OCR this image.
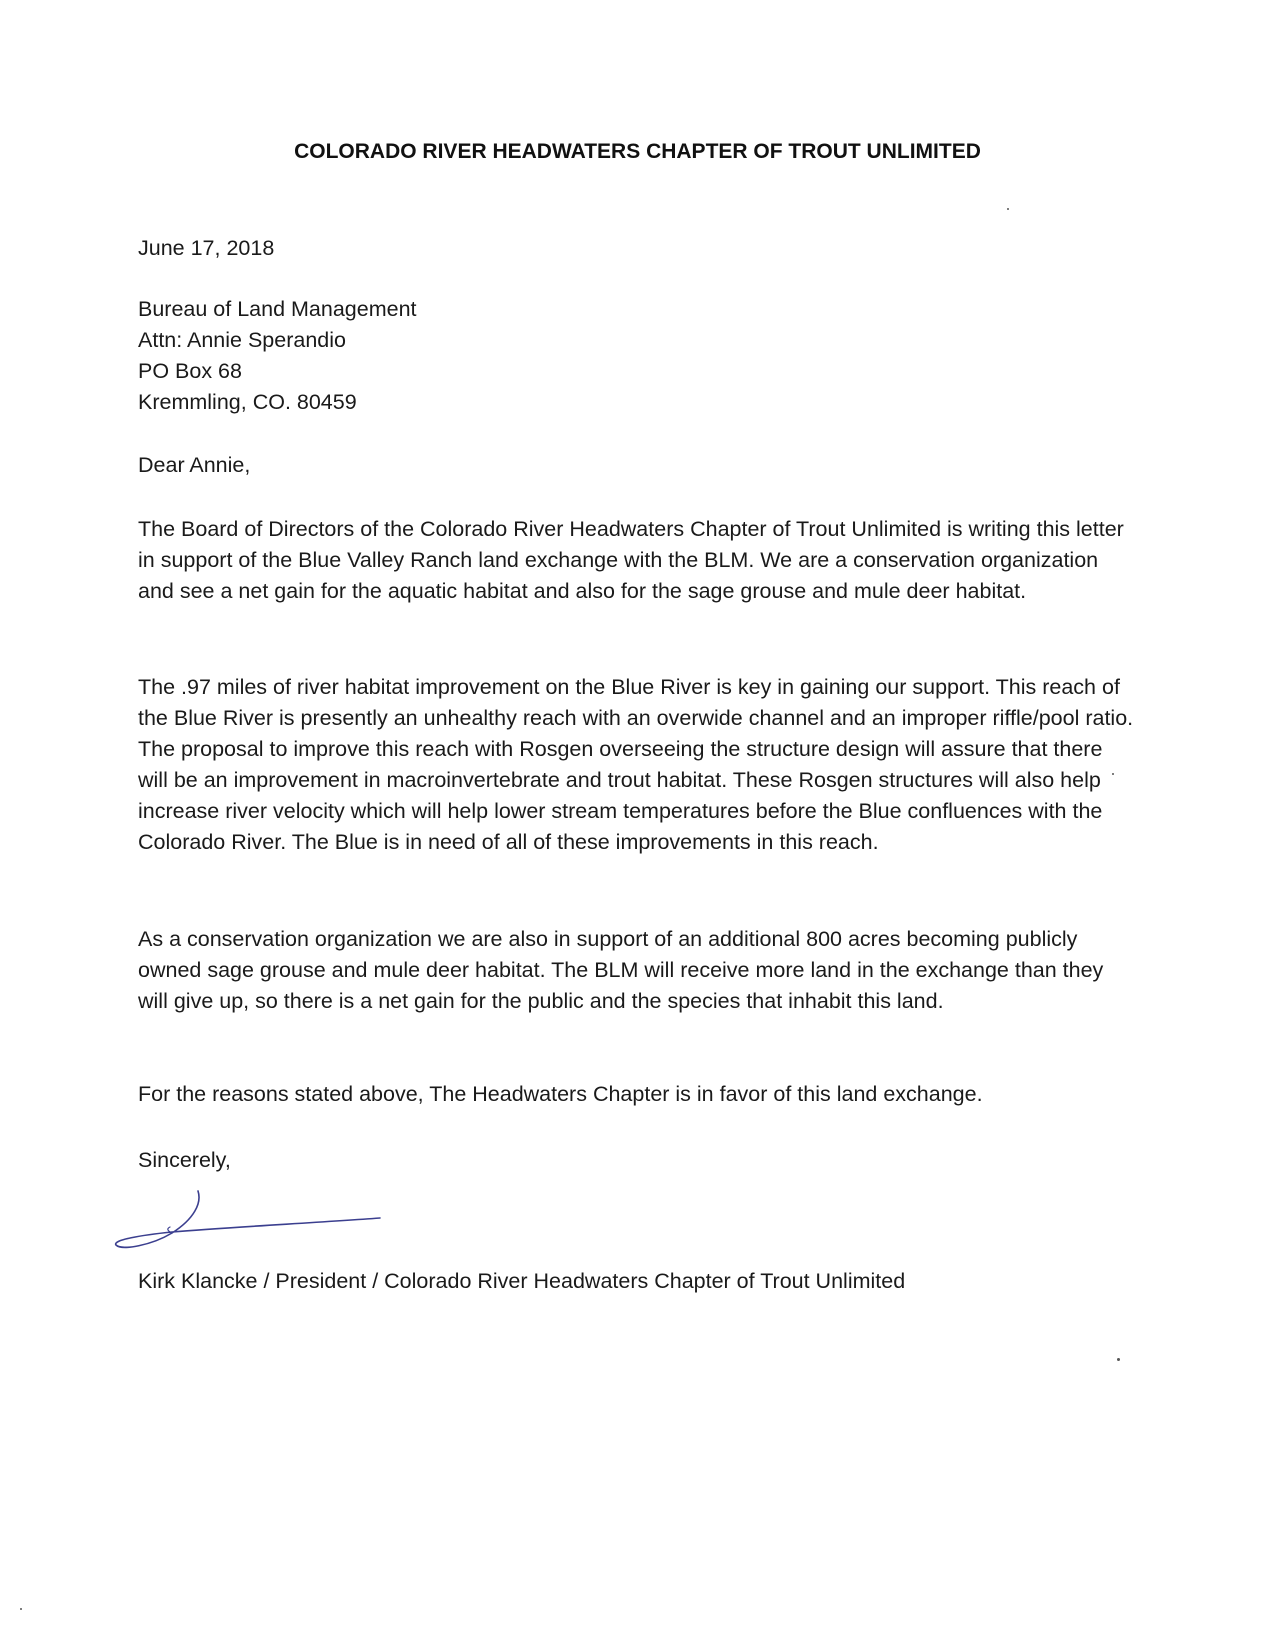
COLORADO RIVER HEADWATERS CHAPTER OF TROUT UNLIMITED
June 17, 2018
Bureau of Land Management
Attn: Annie Sperandio
PO Box 68
Kremmling, CO. 80459
Dear Annie,

The Board of Directors of the Colorado River Headwaters Chapter of Trout Unlimited is writing this letter in support of the Blue Valley Ranch land exchange with the BLM. We are a conservation organization and see a net gain for the aquatic habitat and also for the sage grouse and mule deer habitat.

The .97 miles of river habitat improvement on the Blue River is key in gaining our support. This reach of the Blue River is presently an unhealthy reach with an overwide channel and an improper riffle/pool ratio. The proposal to improve this reach with Rosgen overseeing the structure design will assure that there will be an improvement in macroinvertebrate and trout habitat. These Rosgen structures will also help increase river velocity which will help lower stream temperatures before the Blue confluences with the Colorado River. The Blue is in need of all of these improvements in this reach.

As a conservation organization we are also in support of an additional 800 acres becoming publicly owned sage grouse and mule deer habitat. The BLM will receive more land in the exchange than they will give up, so there is a net gain for the public and the species that inhabit this land.

For the reasons stated above, The Headwaters Chapter is in favor of this land exchange.

Sincerely,
Kirk Klancke / President / Colorado River Headwaters Chapter of Trout Unlimited
